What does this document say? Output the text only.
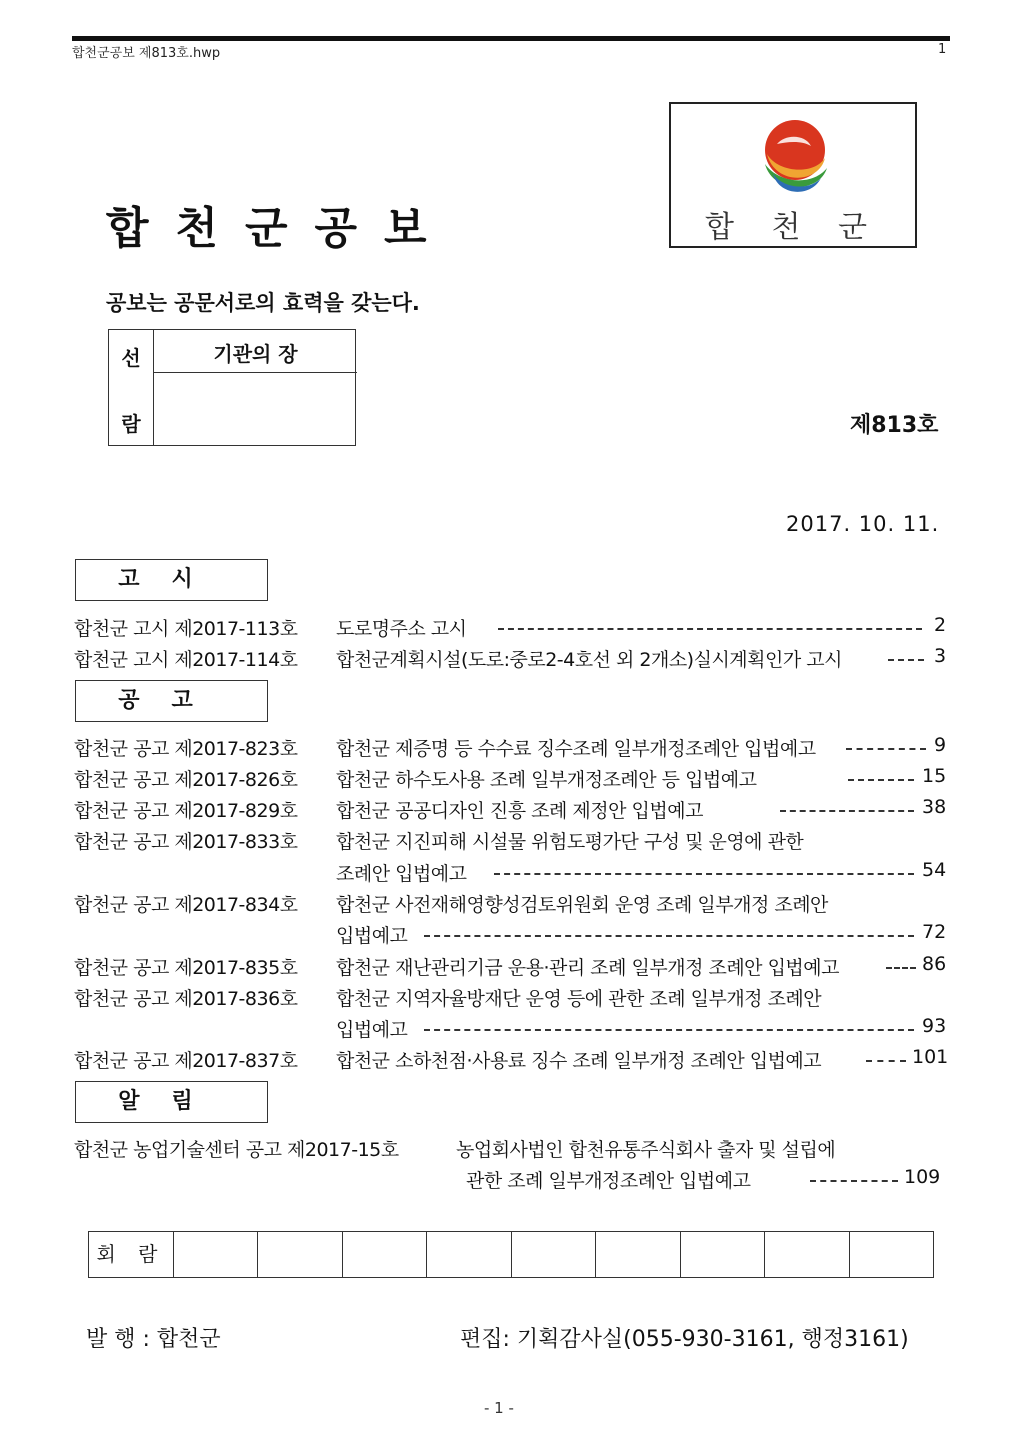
합천군공보 제813호.hwp	1
합천군공보	합 천 군
공보는 공문서로의 효력을 갖는다.
선
람
기관의 장
제813호
2017. 10. 11.
고시
합천군 고시 제2017-113호 도로명주소 고시	2
합천군 고시 제2017-114호 합천군계획시설(도로:중로2-4호선 외 2개소)실시계획인가 고시	3
공고
합천군 공고 제2017-823호 합천군 제증명 등 수수료 징수조례 일부개정조례안 입법예고	9
합천군 공고 제2017-826호 합천군 하수도사용 조례 일부개정조례안 등 입법예고	15
합천군 공고 제2017-829호 합천군 공공디자인 진흥 조례 제정안 입법예고	38
합천군 공고 제2017-833호 합천군 지진피해 시설물 위험도평가단 구성 및 운영에 관한
조례안 입법예고	54
합천군 공고 제2017-834호 합천군 사전재해영향성검토위원회 운영 조례 일부개정 조례안
입법예고	72
합천군 공고 제2017-835호 합천군 재난관리기금 운용·관리 조례 일부개정 조례안 입법예고	86
합천군 공고 제2017-836호 합천군 지역자율방재단 운영 등에 관한 조례 일부개정 조례안
입법예고	93
합천군 공고 제2017-837호 합천군 소하천점·사용료 징수 조례 일부개정 조례안 입법예고	101
알림
합천군 농업기술센터 공고 제2017-15호	농업회사법인 합천유통주식회사 출자 및 설립에
관한 조례 일부개정조례안 입법예고	109
회 람
발 행 : 합천군	편집: 기획감사실(055-930-3161, 행정3161)
- 1 -
